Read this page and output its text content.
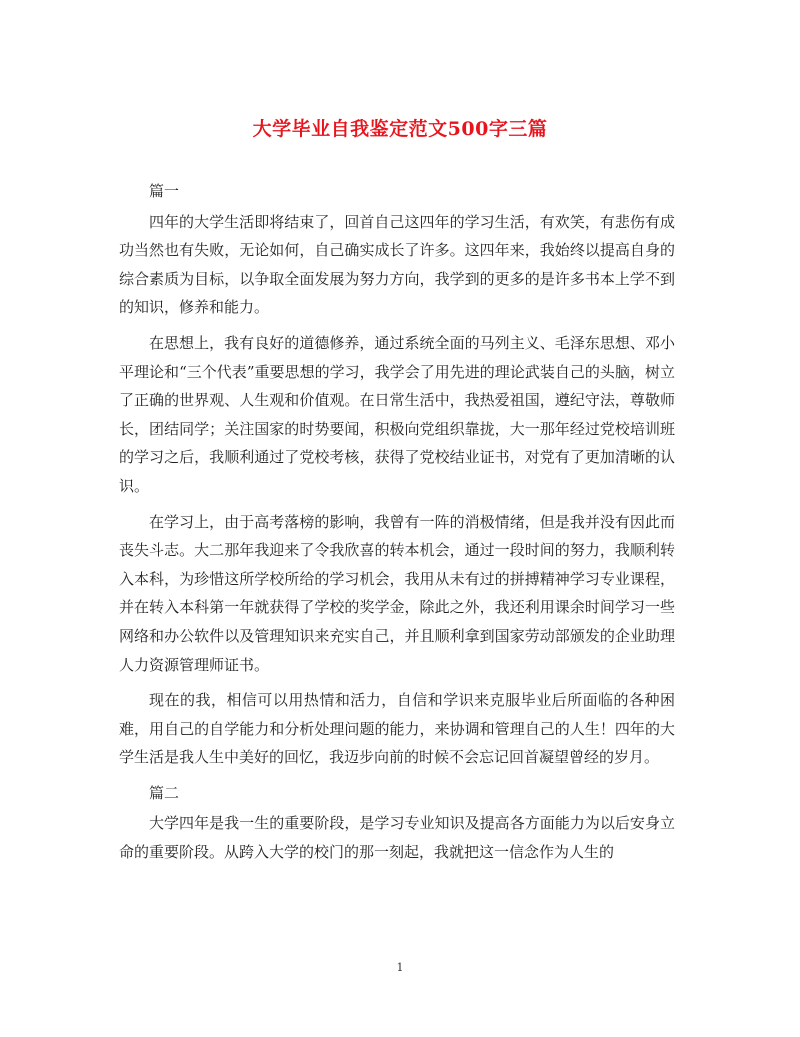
大学毕业自我鉴定范文500字三篇

篇一

四年的大学生活即将结束了，回首自己这四年的学习生活，有欢笑，有悲伤有成功当然也有失败，无论如何，自己确实成长了许多。这四年来，我始终以提高自身的综合素质为目标，以争取全面发展为努力方向，我学到的更多的是许多书本上学不到的知识，修养和能力。

在思想上，我有良好的道德修养，通过系统全面的马列主义、毛泽东思想、邓小平理论和“三个代表”重要思想的学习，我学会了用先进的理论武装自己的头脑，树立了正确的世界观、人生观和价值观。在日常生活中，我热爱祖国，遵纪守法，尊敬师长，团结同学；关注国家的时势要闻，积极向党组织靠拢，大一那年经过党校培训班的学习之后，我顺利通过了党校考核，获得了党校结业证书，对党有了更加清晰的认识。

在学习上，由于高考落榜的影响，我曾有一阵的消极情绪，但是我并没有因此而丧失斗志。大二那年我迎来了令我欣喜的转本机会，通过一段时间的努力，我顺利转入本科，为珍惜这所学校所给的学习机会，我用从未有过的拼搏精神学习专业课程，并在转入本科第一年就获得了学校的奖学金，除此之外，我还利用课余时间学习一些网络和办公软件以及管理知识来充实自己，并且顺利拿到国家劳动部颁发的企业助理人力资源管理师证书。

现在的我，相信可以用热情和活力，自信和学识来克服毕业后所面临的各种困难，用自己的自学能力和分析处理问题的能力，来协调和管理自己的人生！四年的大学生活是我人生中美好的回忆，我迈步向前的时候不会忘记回首凝望曾经的岁月。

篇二

大学四年是我一生的重要阶段，是学习专业知识及提高各方面能力为以后安身立命的重要阶段。从跨入大学的校门的那一刻起，我就把这一信念作为人生的

1
